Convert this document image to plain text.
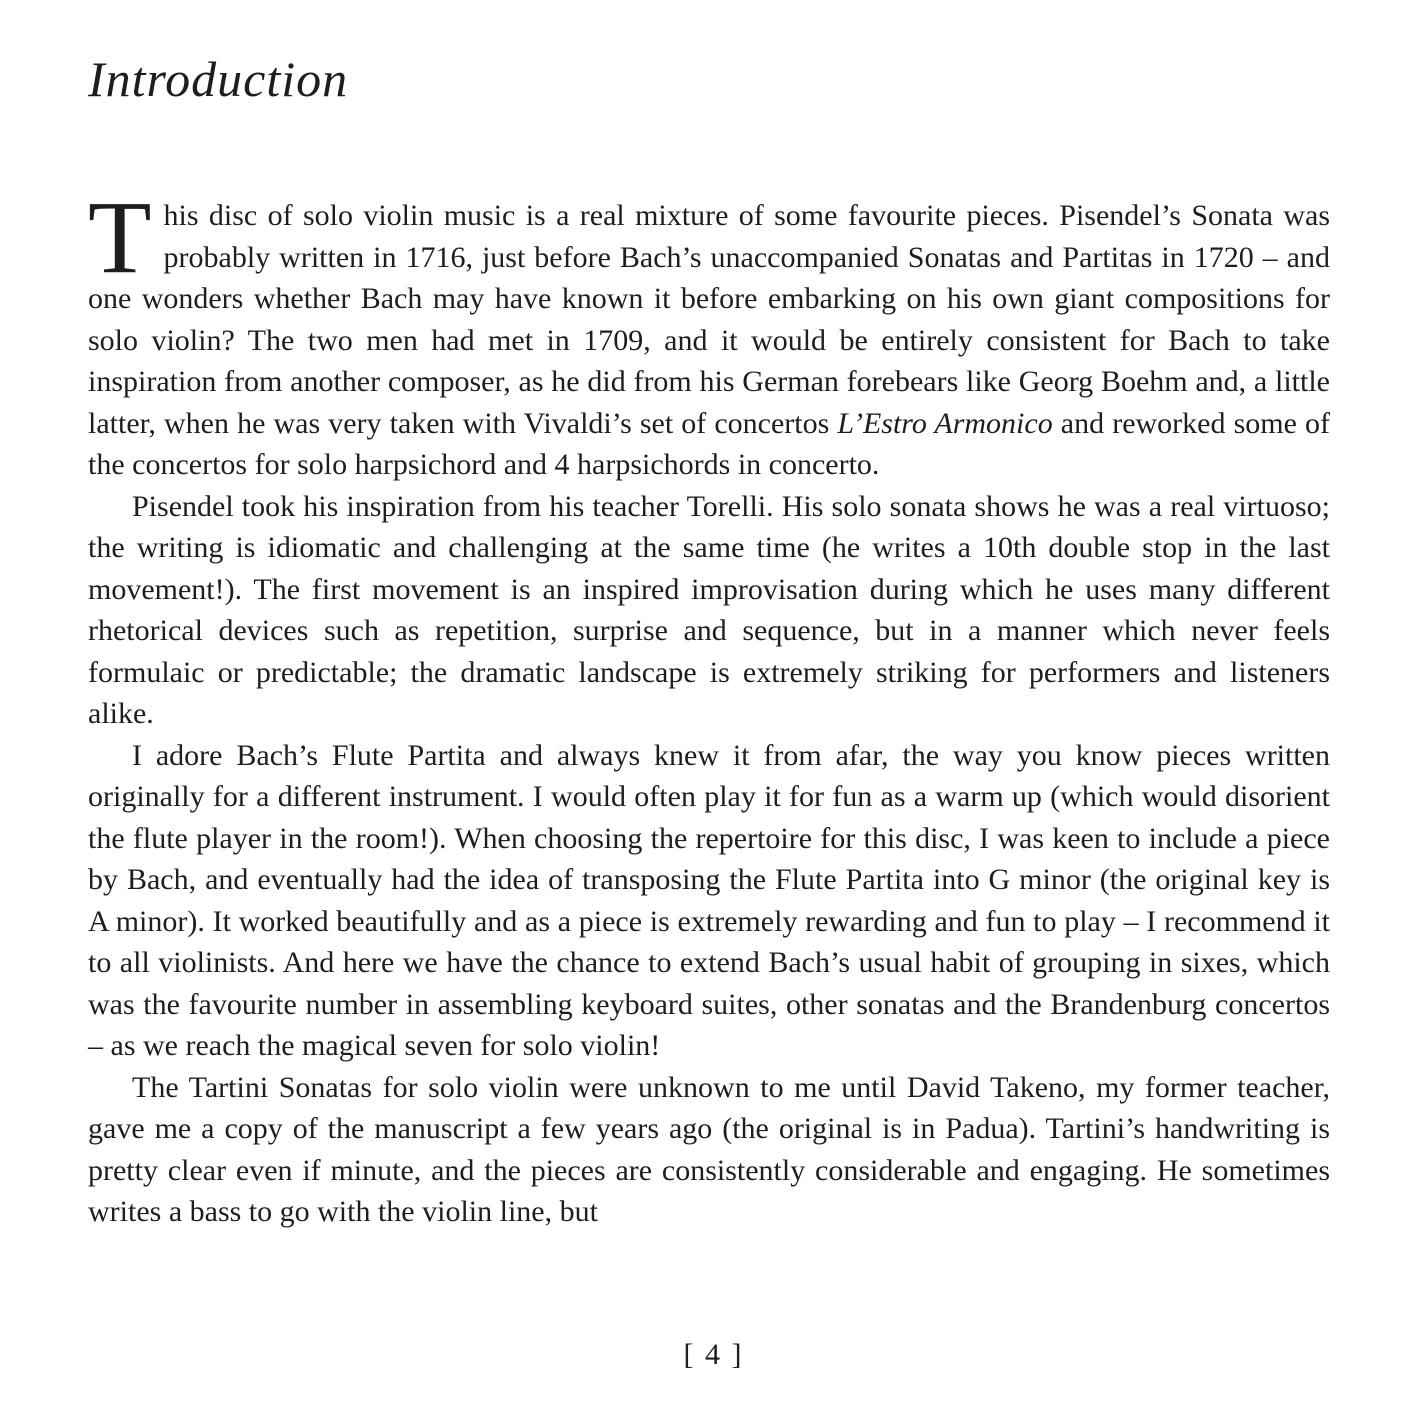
Introduction

This disc of solo violin music is a real mixture of some favourite pieces. Pisendel’s Sonata was probably written in 1716, just before Bach’s unaccompanied Sonatas and Partitas in 1720 – and one wonders whether Bach may have known it before embarking on his own giant compositions for solo violin? The two men had met in 1709, and it would be entirely consistent for Bach to take inspiration from another composer, as he did from his German forebears like Georg Boehm and, a little latter, when he was very taken with Vivaldi’s set of concertos L’Estro Armonico and reworked some of the concertos for solo harpsichord and 4 harpsichords in concerto.

Pisendel took his inspiration from his teacher Torelli. His solo sonata shows he was a real virtuoso; the writing is idiomatic and challenging at the same time (he writes a 10th double stop in the last movement!). The first movement is an inspired improvisation during which he uses many different rhetorical devices such as repetition, surprise and sequence, but in a manner which never feels formulaic or predictable; the dramatic landscape is extremely striking for performers and listeners alike.

I adore Bach’s Flute Partita and always knew it from afar, the way you know pieces written originally for a different instrument. I would often play it for fun as a warm up (which would disorient the flute player in the room!). When choosing the repertoire for this disc, I was keen to include a piece by Bach, and eventually had the idea of transposing the Flute Partita into G minor (the original key is A minor). It worked beautifully and as a piece is extremely rewarding and fun to play – I recommend it to all violinists. And here we have the chance to extend Bach’s usual habit of grouping in sixes, which was the favourite number in assembling keyboard suites, other sonatas and the Brandenburg concertos – as we reach the magical seven for solo violin!

The Tartini Sonatas for solo violin were unknown to me until David Takeno, my former teacher, gave me a copy of the manuscript a few years ago (the original is in Padua). Tartini’s handwriting is pretty clear even if minute, and the pieces are consistently considerable and engaging. He sometimes writes a bass to go with the violin line, but

[ 4 ]
